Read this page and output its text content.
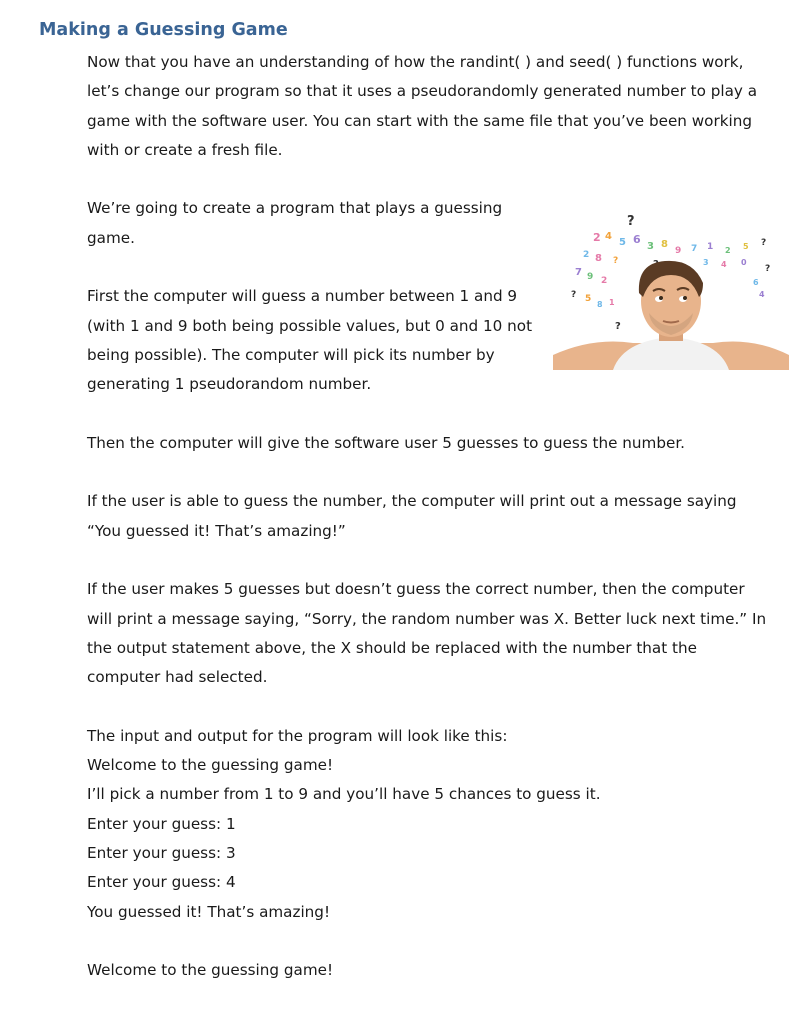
Making a Guessing Game
?
2 4
5 6
3 8
9 7 1 2 5 ?
2 8 ?	3 4 0
?
7 9 2	6
? 5
8 1
?
4

Now that you have an understanding of how the randint( ) and seed( ) functions work, let’s change our program so that it uses a pseudorandomly generated number to play a game with the software user. You can start with the same file that you’ve been working with or create a fresh file.

We’re going to create a program that plays a guessing game.

First the computer will guess a number between 1 and 9 (with 1 and 9 both being possible values, but 0 and 10 not being possible). The computer will pick its number by generating 1 pseudorandom number.

Then the computer will give the software user 5 guesses to guess the number.

If the user is able to guess the number, the computer will print out a message saying “You guessed it! That’s amazing!”

If the user makes 5 guesses but doesn’t guess the correct number, then the computer will print a message saying, “Sorry, the random number was X. Better luck next time.” In the output statement above, the X should be replaced with the number that the computer had selected.

The input and output for the program will look like this:

Welcome to the guessing game!

I’ll pick a number from 1 to 9 and you’ll have 5 chances to guess it.

Enter your guess: 1

Enter your guess: 3

Enter your guess: 4

You guessed it! That’s amazing!

Welcome to the guessing game!
